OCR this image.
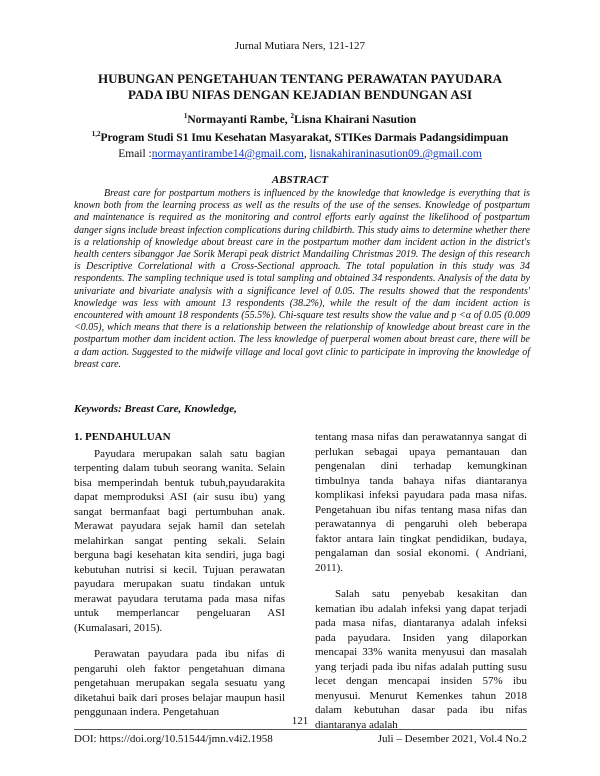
Jurnal Mutiara Ners, 121-127
HUBUNGAN PENGETAHUAN TENTANG PERAWATAN PAYUDARA
PADA IBU NIFAS DENGAN KEJADIAN BENDUNGAN ASI
$^1$Normayanti Rambe, $^2$Lisna Khairani Nasution
$^{1,2}$Program Studi S1 Imu Kesehatan Masyarakat, STIKes Darmais Padangsidimpuan
Email :normayantirambe14@gmail.com, lisnakahiraninasution09.@gmail.com
ABSTRACT

Breast care for postpartum mothers is influenced by the knowledge that knowledge is everything that is known both from the learning process as well as the results of the use of the senses. Knowledge of postpartum and maintenance is required as the monitoring and control efforts early against the likelihood of postpartum danger signs include breast infection complications during childbirth. This study aims to determine whether there is a relationship of knowledge about breast care in the postpartum mother dam incident action in the district's health centers sibanggor Jae Sorik Merapi peak district Mandailing Christmas 2019. The design of this research is Descriptive Correlational with a Cross-Sectional approach. The total population in this study was 34 respondents. The sampling technique used is total sampling and obtained 34 respondents. Analysis of the data by univariate and bivariate analysis with a significance level of 0.05. The results showed that the respondents' knowledge was less with amount 13 respondents (38.2%), while the result of the dam incident action is encountered with amount 18 respondents (55.5%). Chi-square test results show the value and p <α of 0.05 (0.009 <0.05), which means that there is a relationship between the relationship of knowledge about breast care in the postpartum mother dam incident action. The less knowledge of puerperal women about breast care, there will be a dam action. Suggested to the midwife village and local govt clinic to participate in improving the knowledge of breast care.

Keywords: Breast Care, Knowledge,
1. PENDAHULUAN

Payudara merupakan salah satu bagian terpenting dalam tubuh seorang wanita. Selain bisa memperindah bentuk tubuh,payudarakita dapat memproduksi ASI (air susu ibu) yang sangat bermanfaat bagi pertumbuhan anak. Merawat payudara sejak hamil dan setelah melahirkan sangat penting sekali. Selain berguna bagi kesehatan kita sendiri, juga bagi kebutuhan nutrisi si kecil. Tujuan perawatan payudara merupakan suatu tindakan untuk merawat payudara terutama pada masa nifas untuk memperlancar pengeluaran ASI (Kumalasari, 2015).

Perawatan payudara pada ibu nifas di pengaruhi oleh faktor pengetahuan dimana pengetahuan merupakan segala sesuatu yang diketahui baik dari proses belajar maupun hasil penggunaan indera. Pengetahuan

tentang masa nifas dan perawatannya sangat di perlukan sebagai upaya pemantauan dan pengenalan dini terhadap kemungkinan timbulnya tanda bahaya nifas diantaranya komplikasi infeksi payudara pada masa nifas. Pengetahuan ibu nifas tentang masa nifas dan perawatannya di pengaruhi oleh beberapa faktor antara lain tingkat pendidikan, budaya, pengalaman dan sosial ekonomi. ( Andriani, 2011).

Salah satu penyebab kesakitan dan kematian ibu adalah infeksi yang dapat terjadi pada masa nifas, diantaranya adalah infeksi pada payudara. Insiden yang dilaporkan mencapai 33% wanita menyusui dan masalah yang terjadi pada ibu nifas adalah putting susu lecet dengan mencapai insiden 57% ibu menyusui. Menurut Kemenkes tahun 2018 dalam kebutuhan dasar pada ibu nifas diantaranya adalah

121
DOI: https://doi.org/10.51544/jmn.v4i2.1958	Juli – Desember 2021, Vol.4 No.2
